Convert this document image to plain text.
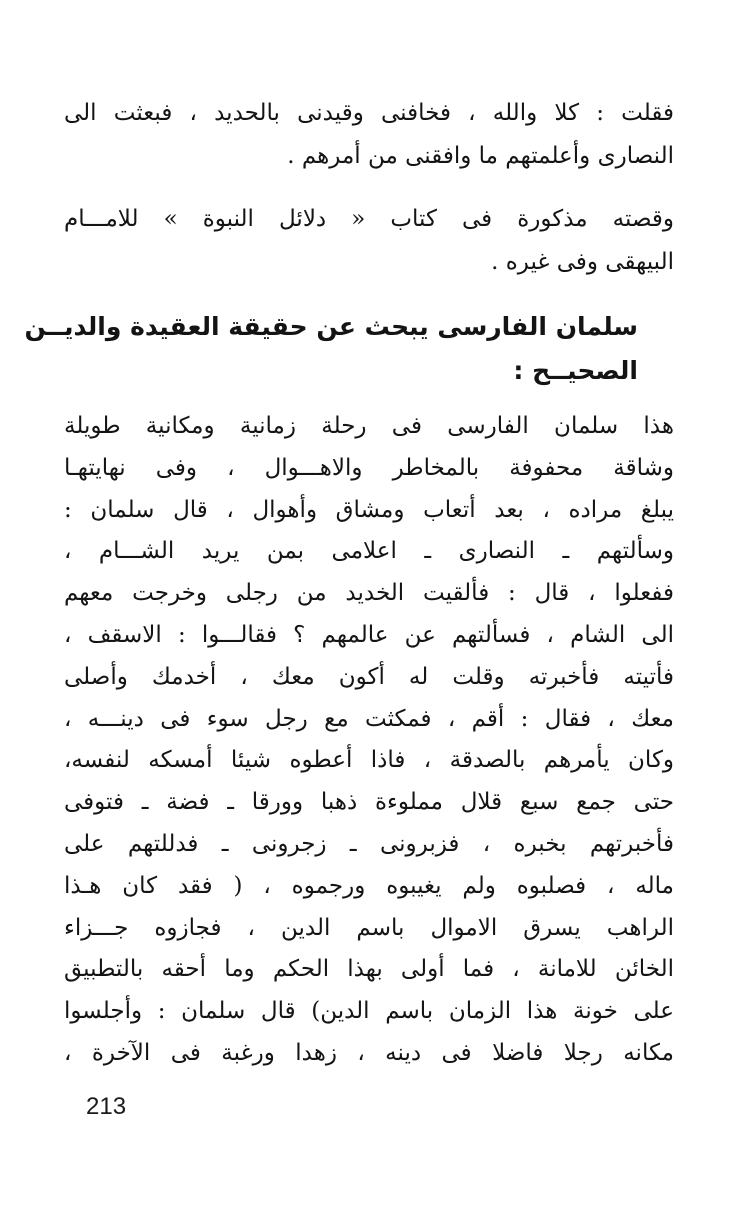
فقلت : كلا والله ، فخافنى وقيدنى بالحديد ، فبعثت الى
النصارى وأعلمتهم ما وافقنى من أمرهم .
وقصته مذكورة فى كتاب « دلائل النبوة » للامـــام
البيهقى وفى غيره .
سلمان الفارسى يبحث عن حقيقة العقيدة والديــن
الصحيــح :
هذا سلمان الفارسى فى رحلة زمانية ومكانية طويلة
وشاقة محفوفة بالمخاطر والاهـــوال ، وفى نهايتهـا
يبلغ مراده ، بعد أتعاب ومشاق وأهوال ، قال سلمان :
وسألتهم ـ النصارى ـ اعلامى بمن يريد الشـــام ،
ففعلوا ، قال : فألقيت الخديد من رجلى وخرجت معهم
الى الشام ، فسألتهم عن عالمهم ؟ فقالـــوا : الاسقف ،
فأتيته فأخبرته وقلت له أكون معك ، أخدمك وأصلى
معك ، فقال : أقم ، فمكثت مع رجل سوء فى دينـــه ،
وكان يأمرهم بالصدقة ، فاذا أعطوه شيئا أمسكه لنفسه،
حتى جمع سبع قلال مملوءة ذهبا وورقا ـ فضة ـ فتوفى
فأخبرتهم بخبره ، فزبرونى ـ زجرونى ـ فدللتهم على
ماله ، فصلبوه ولم يغيبوه ورجموه ، ( فقد كان هـذا
الراهب يسرق الاموال باسم الدين ، فجازوه جـــزاء
الخائن للامانة ، فما أولى بهذا الحكم وما أحقه بالتطبيق
على خونة هذا الزمان باسم الدين) قال سلمان : وأجلسوا
مكانه رجلا فاضلا فى دينه ، زهدا ورغبة فى الآخرة ،
213
